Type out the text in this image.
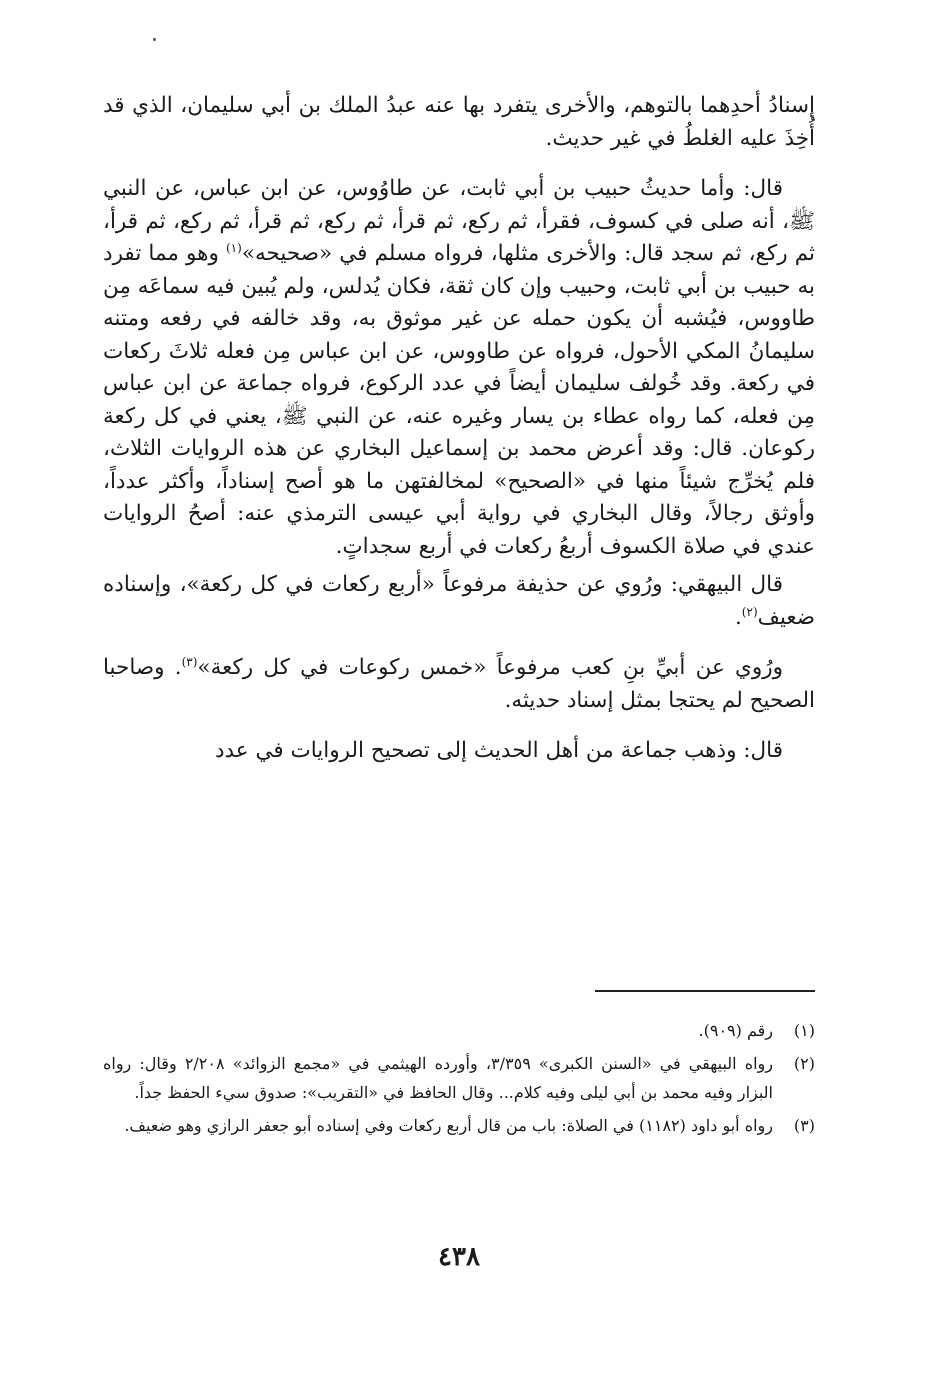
إسنادُ أحدِهما بالتوهم، والأخرى يتفرد بها عنه عبدُ الملك بن أبي سليمان، الذي قد أُخِذَ عليه الغلطُ في غير حديث.

قال: وأما حديثُ حبيب بن أبي ثابت، عن طاوُوس، عن ابن عباس، عن النبي ﷺ، أنه صلى في كسوف، فقرأ، ثم ركع، ثم قرأ، ثم ركع، ثم قرأ، ثم ركع، ثم قرأ، ثم ركع، ثم سجد قال: والأخرى مثلها، فرواه مسلم في «صحيحه»$^{(١)}$ وهو مما تفرد به حبيب بن أبي ثابت، وحبيب وإن كان ثقة، فكان يُدلس، ولم يُبين فيه سماعَه مِن طاووس، فيُشبه أن يكون حمله عن غير موثوق به، وقد خالفه في رفعه ومتنه سليمانُ المكي الأحول، فرواه عن طاووس، عن ابن عباس مِن فعله ثلاثَ ركعات في ركعة. وقد خُولف سليمان أيضاً في عدد الركوع، فرواه جماعة عن ابن عباس مِن فعله، كما رواه عطاء بن يسار وغيره عنه، عن النبي ﷺ، يعني في كل ركعة ركوعان. قال: وقد أعرض محمد بن إسماعيل البخاري عن هذه الروايات الثلاث، فلم يُخرِّج شيئاً منها في «الصحيح» لمخالفتهن ما هو أصح إسناداً، وأكثر عدداً، وأوثق رجالاً، وقال البخاري في رواية أبي عيسى الترمذي عنه: أصحُ الروايات عندي في صلاة الكسوف أربعُ ركعات في أربع سجداتٍ.

قال البيهقي: ورُوي عن حذيفة مرفوعاً «أربع ركعات في كل ركعة»، وإسناده ضعيف$^{(٢)}$.

ورُوي عن أبيِّ بنِ كعب مرفوعاً «خمس ركوعات في كل ركعة»$^{(٣)}$. وصاحبا الصحيح لم يحتجا بمثل إسناد حديثه.

قال: وذهب جماعة من أهل الحديث إلى تصحيح الروايات في عدد

(١)
رقم (٩٠٩).
(٢)
رواه البيهقي في «السنن الكبرى» ٣/٣٥٩، وأورده الهيثمي في «مجمع الزوائد» ٢/٢٠٨ وقال: رواه البزار وفيه محمد بن أبي ليلى وفيه كلام... وقال الحافظ في «التقريب»: صدوق سيء الحفظ جداً.
(٣)
رواه أبو داود (١١٨٢) في الصلاة: باب من قال أربع ركعات وفي إسناده أبو جعفر الرازي وهو ضعيف.
٤٣٨
